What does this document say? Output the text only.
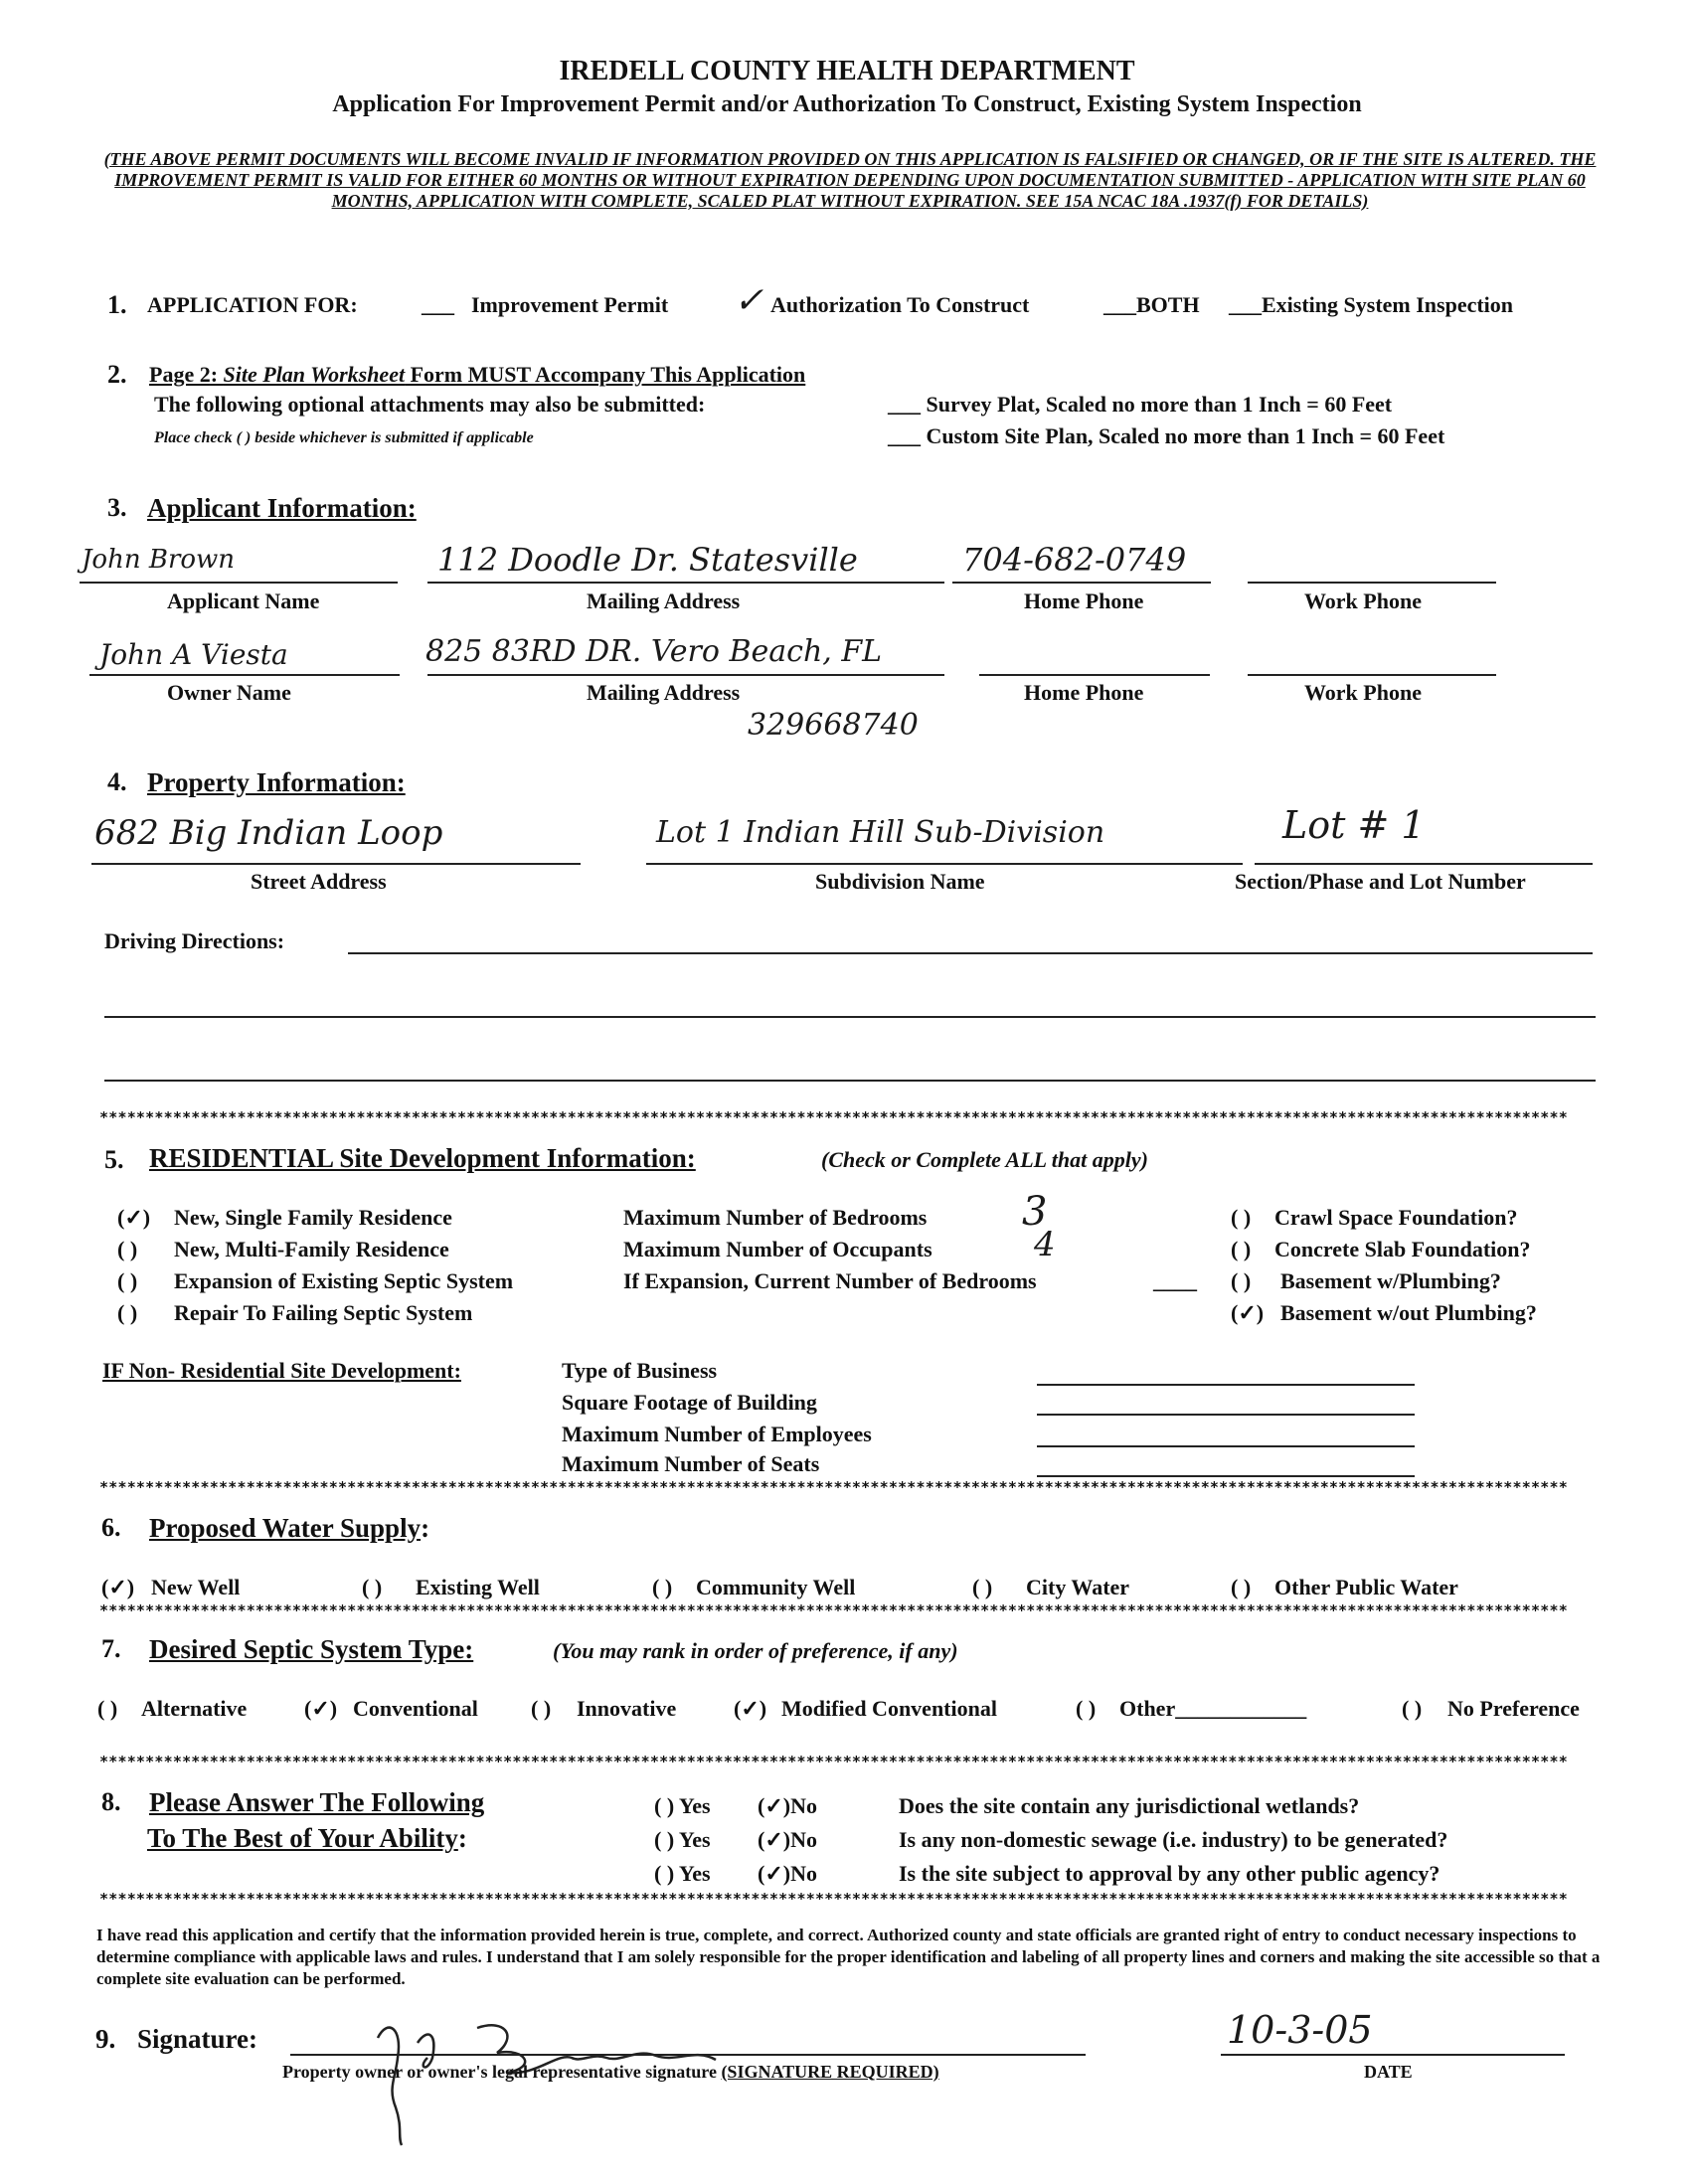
IREDELL COUNTY HEALTH DEPARTMENT
Application For Improvement Permit and/or Authorization To Construct, Existing System Inspection
(THE ABOVE PERMIT DOCUMENTS WILL BECOME INVALID IF INFORMATION PROVIDED ON THIS APPLICATION IS FALSIFIED OR CHANGED, OR IF THE SITE IS ALTERED. THE IMPROVEMENT PERMIT IS VALID FOR EITHER 60 MONTHS OR WITHOUT EXPIRATION DEPENDING UPON DOCUMENTATION SUBMITTED - APPLICATION WITH SITE PLAN 60 MONTHS, APPLICATION WITH COMPLETE, SCALED PLAT WITHOUT EXPIRATION. SEE 15A NCAC 18A .1937(f) FOR DETAILS)
1. APPLICATION FOR:	___ Improvement Permit ✓ Authorization To Construct	___BOTH ___Existing System Inspection
2. Page 2: Site Plan Worksheet Form MUST Accompany This Application
The following optional attachments may also be submitted:
Place check ( ) beside whichever is submitted if applicable
___ Survey Plat, Scaled no more than 1 Inch = 60 Feet
___ Custom Site Plan, Scaled no more than 1 Inch = 60 Feet
3. Applicant Information:
John Brown	112 Doodle Dr. Statesville	704-682-0749
Applicant Name	Mailing Address	Home Phone	Work Phone
John A Viesta	825 83RD DR. Vero Beach, FL
Owner Name	Mailing Address	Home Phone	Work Phone
329668740
4. Property Information:
682 Big Indian Loop	Lot 1 Indian Hill Sub-Division	Lot # 1
Street Address	Subdivision Name	Section/Phase and Lot Number
Driving Directions:
****************************************************************************************************************************************************************
5. RESIDENTIAL Site Development Information:	(Check or Complete ALL that apply)
(✓) New, Single Family Residence
( ) New, Multi-Family Residence
( ) Expansion of Existing Septic System
( ) Repair To Failing Septic System
Maximum Number of Bedrooms 3
Maximum Number of Occupants	4
If Expansion, Current Number of Bedrooms	____
( ) Crawl Space Foundation?
( ) Concrete Slab Foundation?
( ) Basement w/Plumbing?
(✓) Basement w/out Plumbing?
IF Non- Residential Site Development:	Type of Business
Square Footage of Building
Maximum Number of Employees
Maximum Number of Seats
****************************************************************************************************************************************************************
6. Proposed Water Supply:
(✓) New Well	( ) Existing Well	( ) Community Well	( ) City Water	( ) Other Public Water
****************************************************************************************************************************************************************
7. Desired Septic System Type:	(You may rank in order of preference, if any)
( ) Alternative	(✓) Conventional ( ) Innovative	(✓) Modified Conventional	( ) Other____________	( ) No Preference
****************************************************************************************************************************************************************
8. Please Answer The Following
To The Best of Your Ability:
( ) Yes (✓)No	Does the site contain any jurisdictional wetlands?
( ) Yes (✓)No	Is any non-domestic sewage (i.e. industry) to be generated?
( ) Yes (✓)No	Is the site subject to approval by any other public agency?
****************************************************************************************************************************************************************
I have read this application and certify that the information provided herein is true, complete, and correct. Authorized county and state officials are granted right of entry to conduct necessary inspections to determine compliance with applicable laws and rules. I understand that I am solely responsible for the proper identification and labeling of all property lines and corners and making the site accessible so that a complete site evaluation can be performed.
9. Signature:
Property owner or owner's legal representative signature (SIGNATURE REQUIRED)
10-3-05
DATE
